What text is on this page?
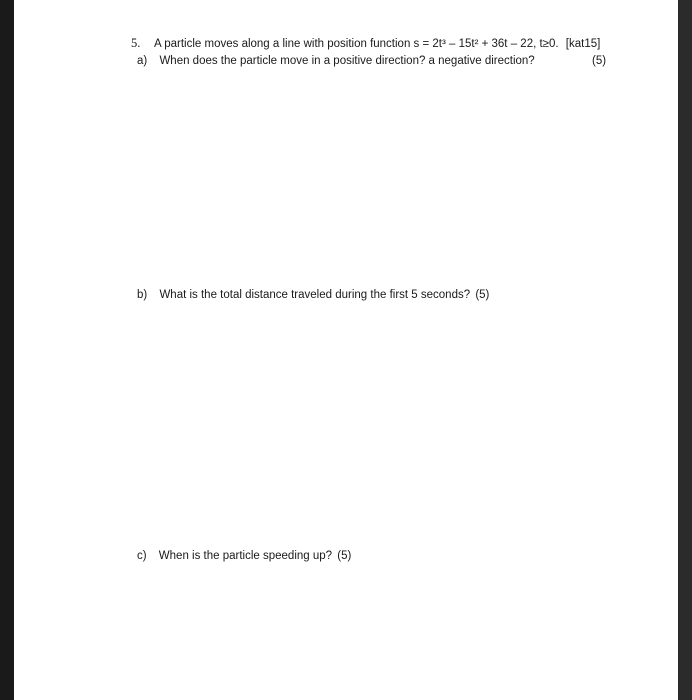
5. A particle moves along a line with position function s = 2t³ – 15t² + 36t – 22, t≥0. [kat15]
a) When does the particle move in a positive direction? a negative direction?	(5)
b) What is the total distance traveled during the first 5 seconds? (5)
c) When is the particle speeding up? (5)
